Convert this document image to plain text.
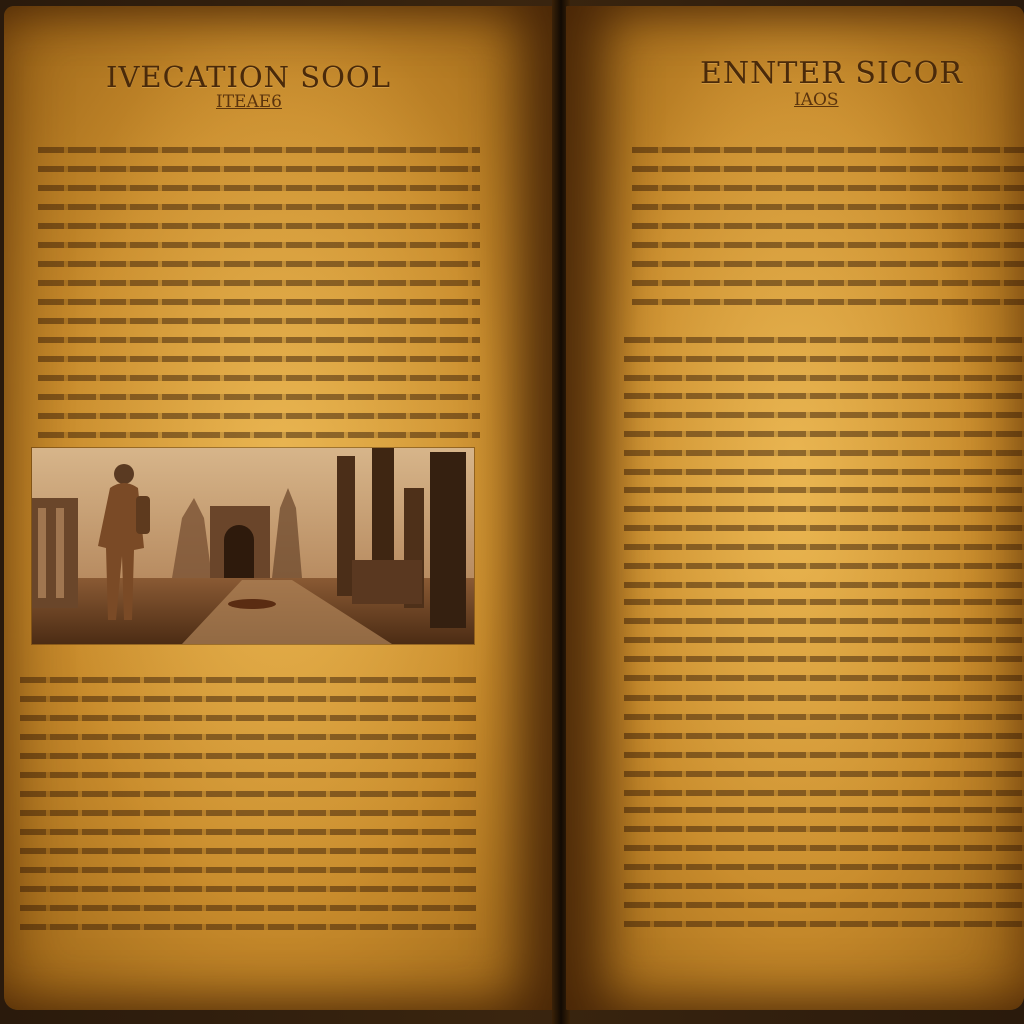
IVECATION SOOL
ITEAE6
ENNTER SICOR
IAOS
